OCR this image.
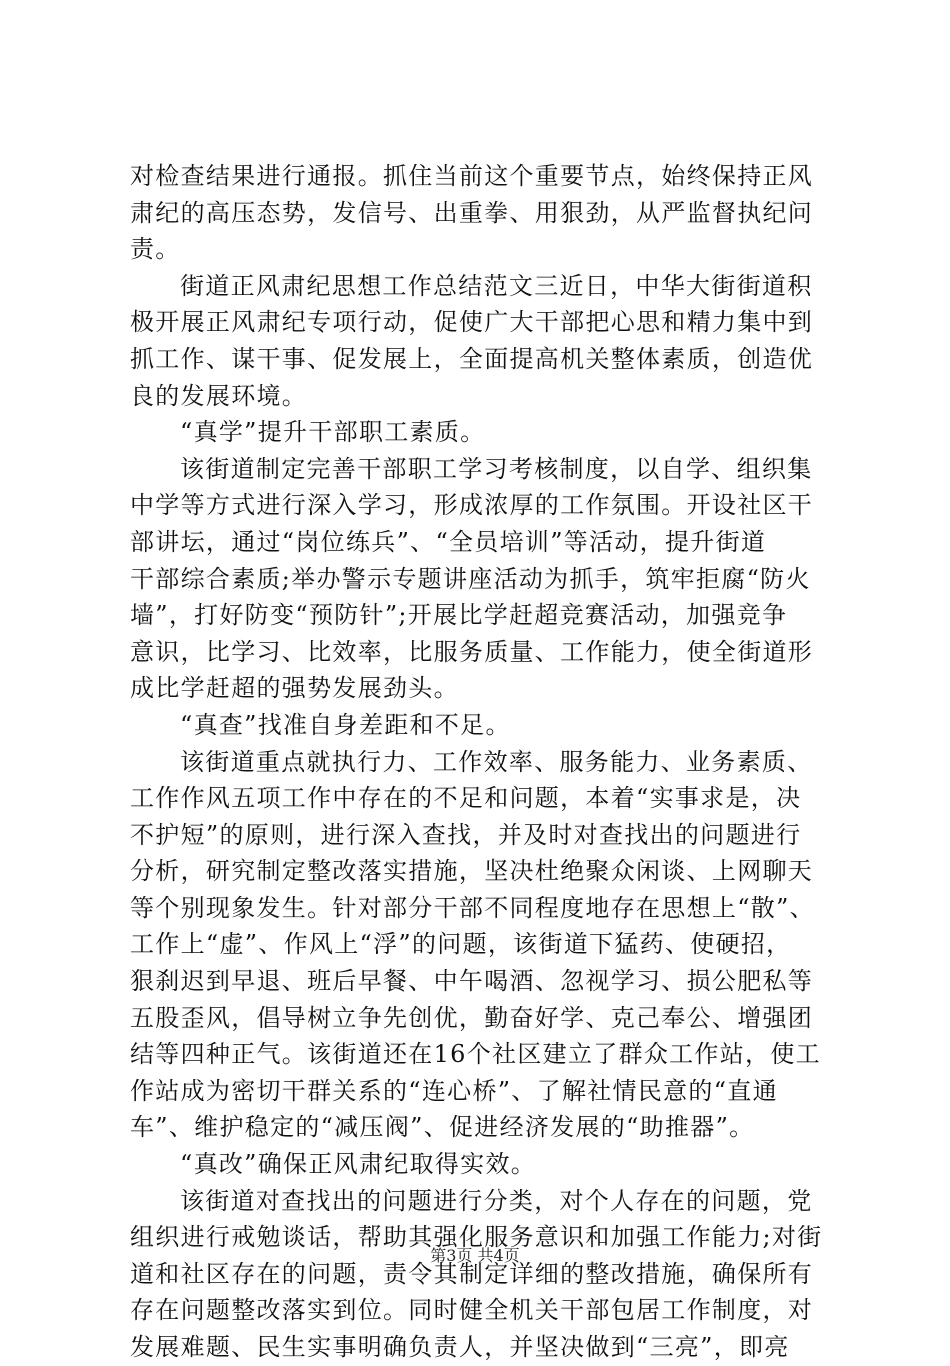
对检查结果进行通报。抓住当前这个重要节点，始终保持正风
肃纪的高压态势，发信号、出重拳、用狠劲，从严监督执纪问
责。
街道正风肃纪思想工作总结范文三近日，中华大街街道积
极开展正风肃纪专项行动，促使广大干部把心思和精力集中到
抓工作、谋干事、促发展上，全面提高机关整体素质，创造优
良的发展环境。
“真学”提升干部职工素质。
该街道制定完善干部职工学习考核制度，以自学、组织集
中学等方式进行深入学习，形成浓厚的工作氛围。开设社区干
部讲坛，通过“岗位练兵”、“全员培训”等活动，提升街道
干部综合素质;举办警示专题讲座活动为抓手，筑牢拒腐“防火
墙”，打好防变“预防针”;开展比学赶超竞赛活动，加强竞争
意识，比学习、比效率，比服务质量、工作能力，使全街道形
成比学赶超的强势发展劲头。
“真查”找准自身差距和不足。
该街道重点就执行力、工作效率、服务能力、业务素质、
工作作风五项工作中存在的不足和问题，本着“实事求是，决
不护短”的原则，进行深入查找，并及时对查找出的问题进行
分析，研究制定整改落实措施，坚决杜绝聚众闲谈、上网聊天
等个别现象发生。针对部分干部不同程度地存在思想上“散”、
工作上“虚”、作风上“浮”的问题，该街道下猛药、使硬招，
狠刹迟到早退、班后早餐、中午喝酒、忽视学习、损公肥私等
五股歪风，倡导树立争先创优，勤奋好学、克己奉公、增强团
结等四种正气。该街道还在16个社区建立了群众工作站，使工
作站成为密切干群关系的“连心桥”、了解社情民意的“直通
车”、维护稳定的“减压阀”、促进经济发展的“助推器”。
“真改”确保正风肃纪取得实效。
该街道对查找出的问题进行分类，对个人存在的问题，党
组织进行戒勉谈话，帮助其强化服务意识和加强工作能力;对街
道和社区存在的问题，责令其制定详细的整改措施，确保所有
存在问题整改落实到位。同时健全机关干部包居工作制度，对
发展难题、民生实事明确负责人，并坚决做到“三亮”，即亮
第3页 共4页
